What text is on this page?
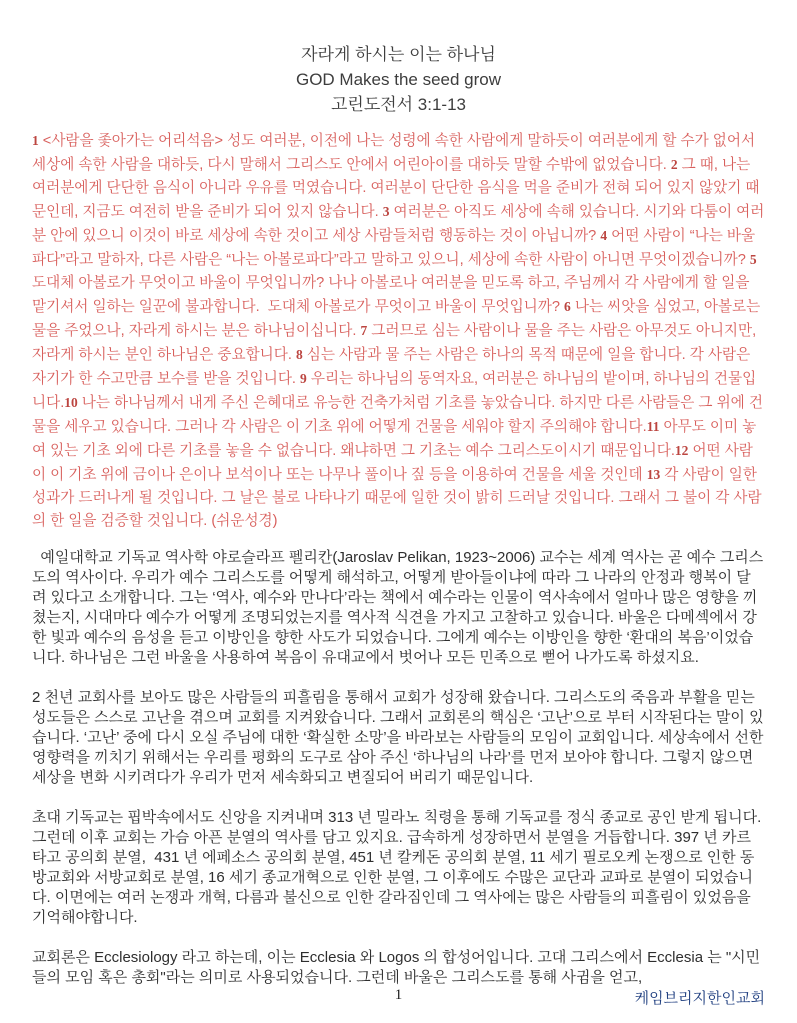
자라게 하시는 이는 하나님
GOD Makes the seed grow
고린도전서 3:1-13
1 <사람을 좇아가는 어리석음> 성도 여러분, 이전에 나는 성령에 속한 사람에게 말하듯이 여러분에게 할 수가 없어서 세상에 속한 사람을 대하듯, 다시 말해서 그리스도 안에서 어린아이를 대하듯 말할 수밖에 없었습니다. 2 그 때, 나는 여러분에게 단단한 음식이 아니라 우유를 먹였습니다. 여러분이 단단한 음식을 먹을 준비가 전혀 되어 있지 않았기 때문인데, 지금도 여전히 받을 준비가 되어 있지 않습니다. 3 여러분은 아직도 세상에 속해 있습니다. 시기와 다툼이 여러분 안에 있으니 이것이 바로 세상에 속한 것이고 세상 사람들처럼 행동하는 것이 아닙니까? 4 어떤 사람이 “나는 바울파다”라고 말하자, 다른 사람은 “나는 아볼로파다”라고 말하고 있으니, 세상에 속한 사람이 아니면 무엇이겠습니까? 5 도대체 아볼로가 무엇이고 바울이 무엇입니까? 나나 아볼로나 여러분을 믿도록 하고, 주님께서 각 사람에게 할 일을 맡기셔서 일하는 일꾼에 불과합니다.  도대체 아볼로가 무엇이고 바울이 무엇입니까? 6 나는 씨앗을 심었고, 아볼로는 물을 주었으나, 자라게 하시는 분은 하나님이십니다. 7 그러므로 심는 사람이나 물을 주는 사람은 아무것도 아니지만, 자라게 하시는 분인 하나님은 중요합니다. 8 심는 사람과 물 주는 사람은 하나의 목적 때문에 일을 합니다. 각 사람은 자기가 한 수고만큼 보수를 받을 것입니다. 9 우리는 하나님의 동역자요, 여러분은 하나님의 밭이며, 하나님의 건물입니다.10 나는 하나님께서 내게 주신 은혜대로 유능한 건축가처럼 기초를 놓았습니다. 하지만 다른 사람들은 그 위에 건물을 세우고 있습니다. 그러나 각 사람은 이 기초 위에 어떻게 건물을 세워야 할지 주의해야 합니다.11 아무도 이미 놓여 있는 기초 외에 다른 기초를 놓을 수 없습니다. 왜냐하면 그 기초는 예수 그리스도이시기 때문입니다.12 어떤 사람이 이 기초 위에 금이나 은이나 보석이나 또는 나무나 풀이나 짚 등을 이용하여 건물을 세울 것인데 13 각 사람이 일한 성과가 드러나게 될 것입니다. 그 날은 불로 나타나기 때문에 일한 것이 밝히 드러날 것입니다. 그래서 그 불이 각 사람의 한 일을 검증할 것입니다. (쉬운성경)

예일대학교 기독교 역사학 야로슬라프 펠리칸(Jaroslav Pelikan, 1923~2006) 교수는 세계 역사는 곧 예수 그리스도의 역사이다. 우리가 예수 그리스도를 어떻게 해석하고, 어떻게 받아들이냐에 따라 그 나라의 안정과 행복이 달려 있다고 소개합니다. 그는 ‘역사, 예수와 만나다’라는 책에서 예수라는 인물이 역사속에서 얼마나 많은 영향을 끼쳤는지, 시대마다 예수가 어떻게 조명되었는지를 역사적 식견을 가지고 고찰하고 있습니다. 바울은 다메섹에서 강한 빛과 예수의 음성을 듣고 이방인을 향한 사도가 되었습니다. 그에게 예수는 이방인을 향한 ‘환대의 복음’이었습니다. 하나님은 그런 바울을 사용하여 복음이 유대교에서 벗어나 모든 민족으로 뻗어 나가도록 하셨지요.

2 천년 교회사를 보아도 많은 사람들의 피흘림을 통해서 교회가 성장해 왔습니다. 그리스도의 죽음과 부활을 믿는 성도들은 스스로 고난을 겪으며 교회를 지켜왔습니다. 그래서 교회론의 핵심은 ‘고난’으로 부터 시작된다는 말이 있습니다. ‘고난’ 중에 다시 오실 주님에 대한 ‘확실한 소망’을 바라보는 사람들의 모임이 교회입니다. 세상속에서 선한 영향력을 끼치기 위해서는 우리를 평화의 도구로 삼아 주신 ‘하나님의 나라’를 먼저 보아야 합니다. 그렇지 않으면 세상을 변화 시키려다가 우리가 먼저 세속화되고 변질되어 버리기 때문입니다.

초대 기독교는 핍박속에서도 신앙을 지켜내며 313 년 밀라노 칙령을 통해 기독교를 정식 종교로 공인 받게 됩니다. 그런데 이후 교회는 가슴 아픈 분열의 역사를 담고 있지요. 급속하게 성장하면서 분열을 거듭합니다. 397 년 카르타고 공의회 분열,  431 년 에페소스 공의회 분열, 451 년 칼케돈 공의회 분열, 11 세기 필로오케 논쟁으로 인한 동방교회와 서방교회로 분열, 16 세기 종교개혁으로 인한 분열, 그 이후에도 수많은 교단과 교파로 분열이 되었습니다. 이면에는 여러 논쟁과 개혁, 다름과 불신으로 인한 갈라짐인데 그 역사에는 많은 사람들의 피흘림이 있었음을 기억해야합니다.

교회론은 Ecclesiology 라고 하는데, 이는 Ecclesia 와 Logos 의 합성어입니다. 고대 그리스에서 Ecclesia 는 "시민들의 모임 혹은 총회"라는 의미로 사용되었습니다. 그런데 바울은 그리스도를 통해 사귐을 얻고,

1	케임브리지한인교회
